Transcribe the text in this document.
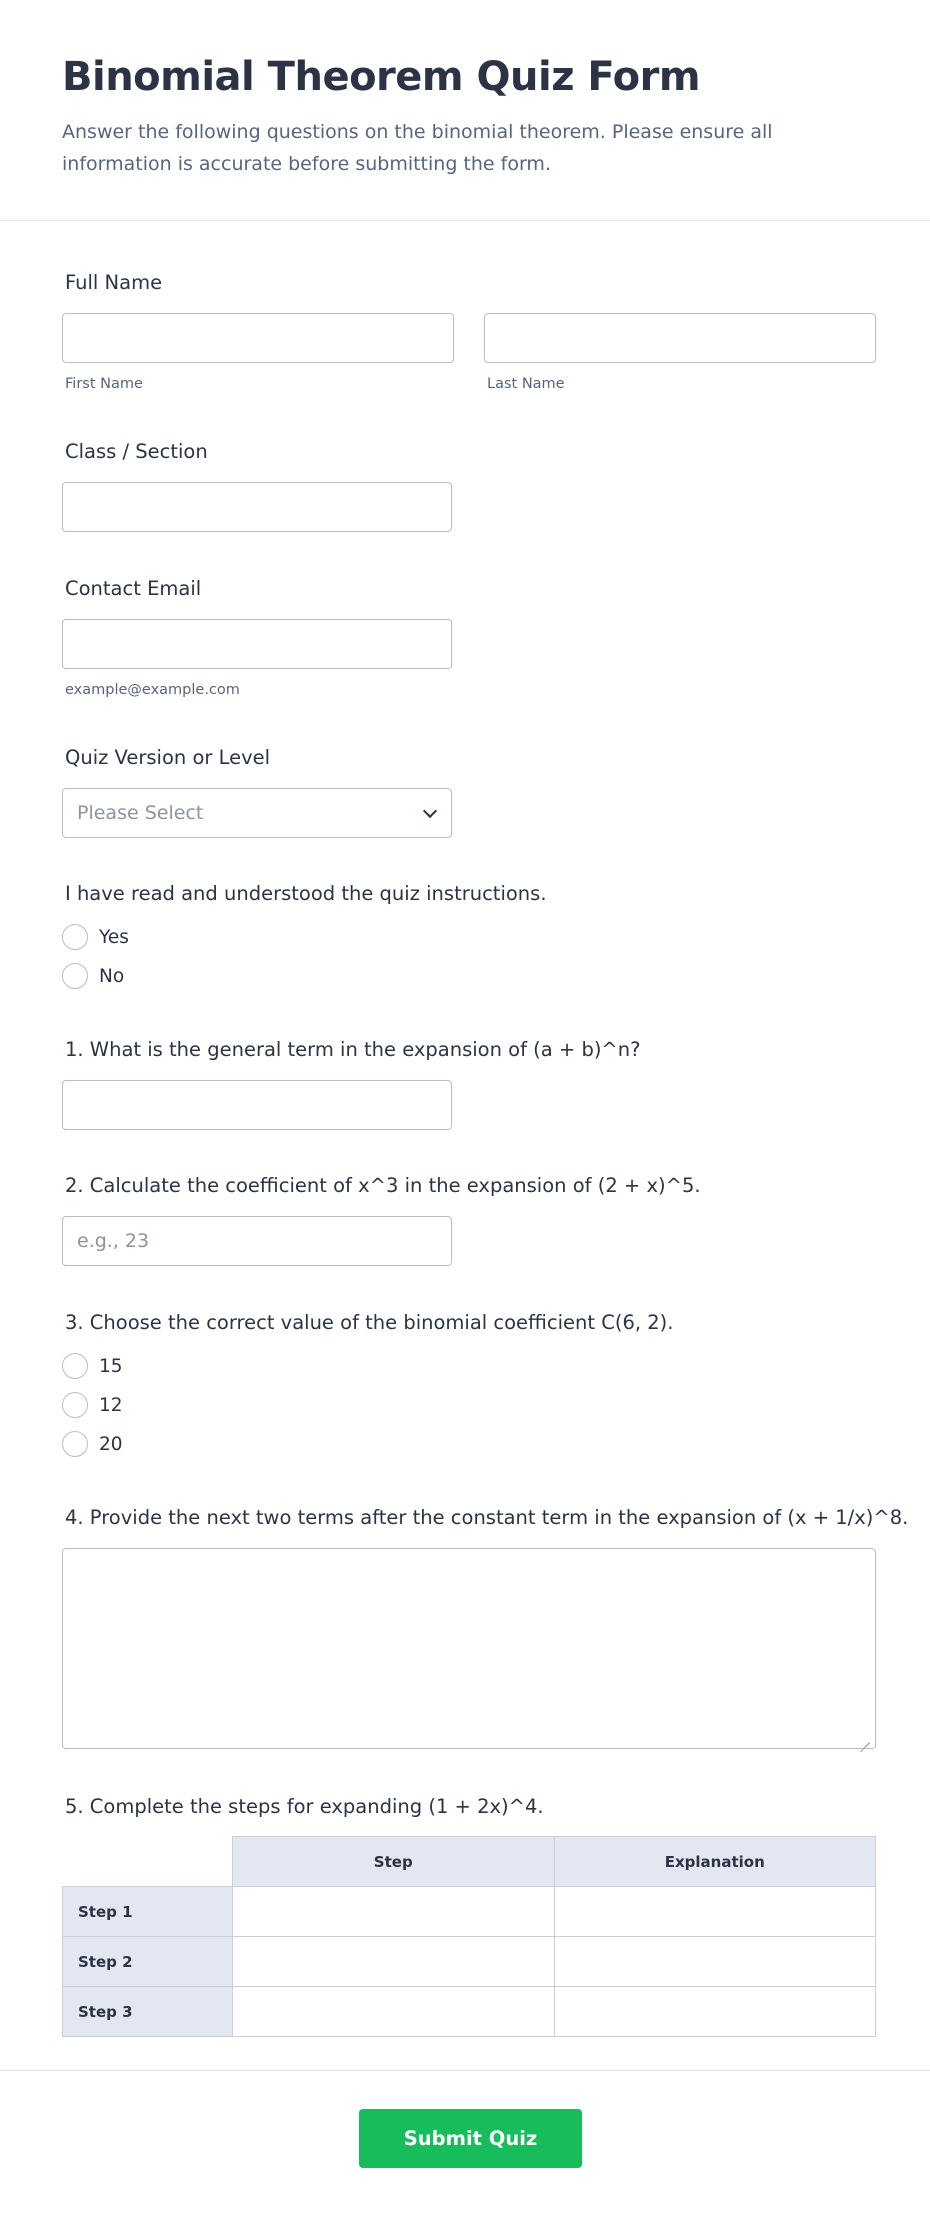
Binomial Theorem Quiz Form
Answer the following questions on the binomial theorem. Please ensure all information is accurate before submitting the form.
Full Name
First Name	Last Name
Class / Section
Contact Email
example@example.com
Quiz Version or Level
Please Select
I have read and understood the quiz instructions.
Yes
No
1. What is the general term in the expansion of (a + b)^n?
2. Calculate the coefficient of x^3 in the expansion of (2 + x)^5.
e.g., 23
3. Choose the correct value of the binomial coefficient C(6, 2).
15
12
20
4. Provide the next two terms after the constant term in the expansion of (x + 1/x)^8.
5. Complete the steps for expanding (1 + 2x)^4.
	Step	Explanation
Step 1		
Step 2		
Step 3		
Submit Quiz
